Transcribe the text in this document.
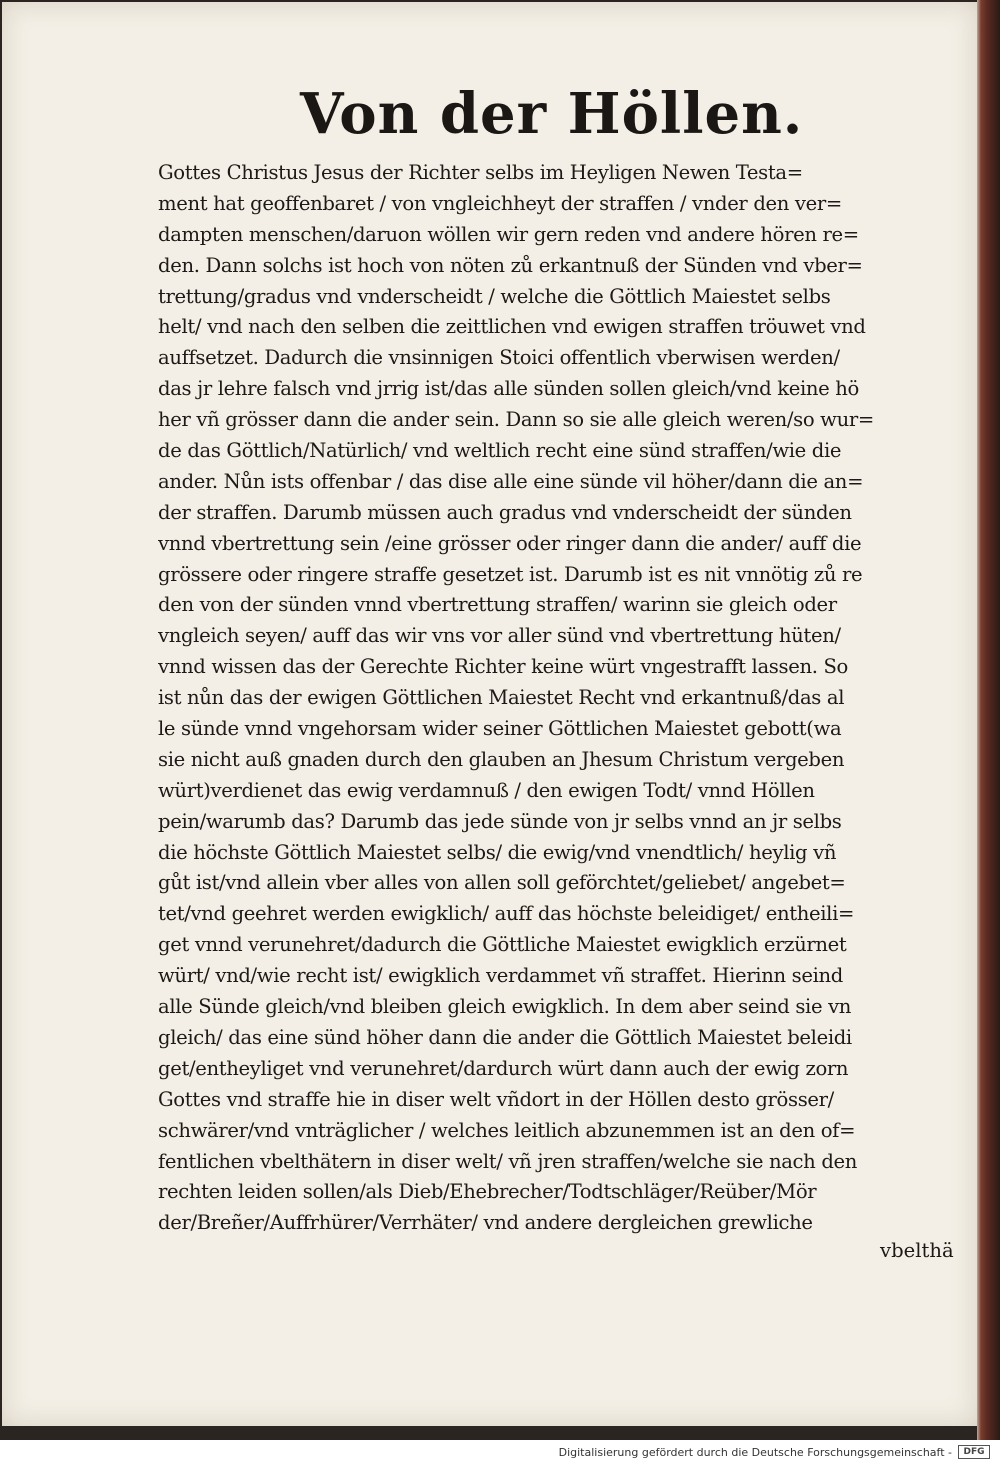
Von der Höllen.
Gottes Christus Jesus der Richter selbs im Heyligen Newen Testa=
ment hat geoffenbaret / von vngleichheyt der straffen / vnder den ver=
dampten menschen/daruon wöllen wir gern reden vnd andere hören re=
den. Dann solchs ist hoch von nöten zů erkantnuß der Sünden vnd vber=
trettung/gradus vnd vnderscheidt / welche die Göttlich Maiestet selbs
helt/ vnd nach den selben die zeittlichen vnd ewigen straffen tröuwet vnd
auffsetzet. Dadurch die vnsinnigen Stoici offentlich vberwisen werden/
das jr lehre falsch vnd jrrig ist/das alle sünden sollen gleich/vnd keine hö
her vñ grösser dann die ander sein. Dann so sie alle gleich weren/so wur=
de das Göttlich/Natürlich/ vnd weltlich recht eine sünd straffen/wie die
ander. Nůn ists offenbar / das dise alle eine sünde vil höher/dann die an=
der straffen. Darumb müssen auch gradus vnd vnderscheidt der sünden
vnnd vbertrettung sein /eine grösser oder ringer dann die ander/ auff die
grössere oder ringere straffe gesetzet ist. Darumb ist es nit vnnötig zů re
den von der sünden vnnd vbertrettung straffen/ warinn sie gleich oder
vngleich seyen/ auff das wir vns vor aller sünd vnd vbertrettung hüten/
vnnd wissen das der Gerechte Richter keine würt vngestrafft lassen. So
ist nůn das der ewigen Göttlichen Maiestet Recht vnd erkantnuß/das al
le sünde vnnd vngehorsam wider seiner Göttlichen Maiestet gebott(wa
sie nicht auß gnaden durch den glauben an Jhesum Christum vergeben
würt)verdienet das ewig verdamnuß / den ewigen Todt/ vnnd Höllen
pein/warumb das? Darumb das jede sünde von jr selbs vnnd an jr selbs
die höchste Göttlich Maiestet selbs/ die ewig/vnd vnendtlich/ heylig vñ
gůt ist/vnd allein vber alles von allen soll geförchtet/geliebet/ angebet=
tet/vnd geehret werden ewigklich/ auff das höchste beleidiget/ entheili=
get vnnd verunehret/dadurch die Göttliche Maiestet ewigklich erzürnet
würt/ vnd/wie recht ist/ ewigklich verdammet vñ straffet. Hierinn seind
alle Sünde gleich/vnd bleiben gleich ewigklich. In dem aber seind sie vn
gleich/ das eine sünd höher dann die ander die Göttlich Maiestet beleidi
get/entheyliget vnd verunehret/dardurch würt dann auch der ewig zorn
Gottes vnd straffe hie in diser welt vñdort in der Höllen desto grösser/
schwärer/vnd vnträglicher / welches leitlich abzunemmen ist an den of=
fentlichen vbelthätern in diser welt/ vñ jren straffen/welche sie nach den
rechten leiden sollen/als Dieb/Ehebrecher/Todtschläger/Reüber/Mör
der/Breñer/Auffrhürer/Verrhäter/ vnd andere dergleichen grewliche
vbelthä
Digitalisierung gefördert durch die Deutsche Forschungsgemeinschaft -	DFG
